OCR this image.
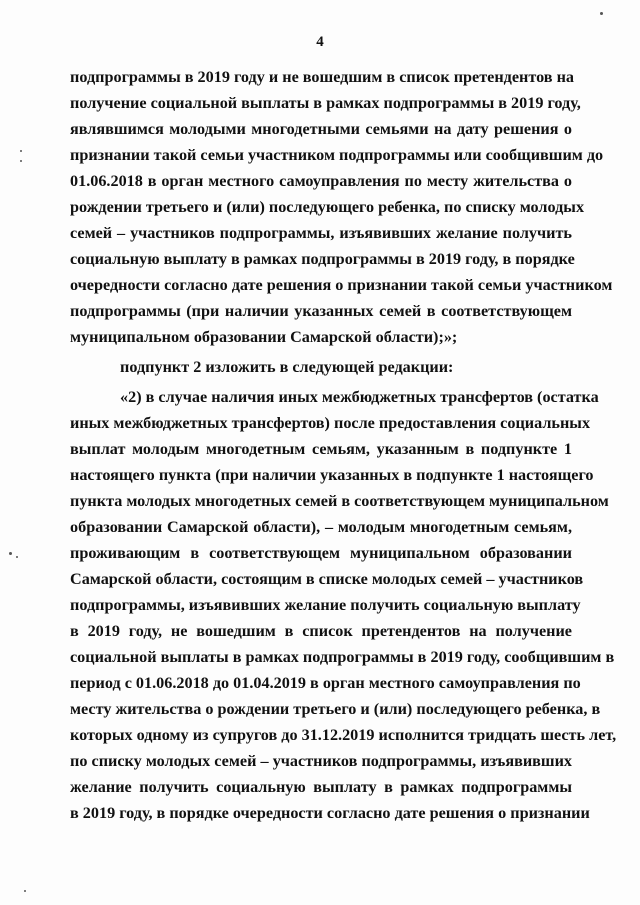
4
подпрограммы в 2019 году и не вошедшим в список претендентов на
получение социальной выплаты в рамках подпрограммы в 2019 году,
являвшимся молодыми многодетными семьями на дату решения о
признании такой семьи участником подпрограммы или сообщившим до
01.06.2018 в орган местного самоуправления по месту жительства о
рождении третьего и (или) последующего ребенка, по списку молодых
семей – участников подпрограммы, изъявивших желание получить
социальную выплату в рамках подпрограммы в 2019 году, в порядке
очередности согласно дате решения о признании такой семьи участником
подпрограммы (при наличии указанных семей в соответствующем
муниципальном образовании Самарской области);»;
подпункт 2 изложить в следующей редакции:
«2) в случае наличия иных межбюджетных трансфертов (остатка
иных межбюджетных трансфертов) после предоставления социальных
выплат молодым многодетным семьям, указанным в подпункте 1
настоящего пункта (при наличии указанных в подпункте 1 настоящего
пункта молодых многодетных семей в соответствующем муниципальном
образовании Самарской области), – молодым многодетным семьям,
проживающим в соответствующем муниципальном образовании
Самарской области, состоящим в списке молодых семей – участников
подпрограммы, изъявивших желание получить социальную выплату
в 2019 году, не вошедшим в список претендентов на получение
социальной выплаты в рамках подпрограммы в 2019 году, сообщившим в
период с 01.06.2018 до 01.04.2019 в орган местного самоуправления по
месту жительства о рождении третьего и (или) последующего ребенка, в
которых одному из супругов до 31.12.2019 исполнится тридцать шесть лет,
по списку молодых семей – участников подпрограммы, изъявивших
желание получить социальную выплату в рамках подпрограммы
в 2019 году, в порядке очередности согласно дате решения о признании
